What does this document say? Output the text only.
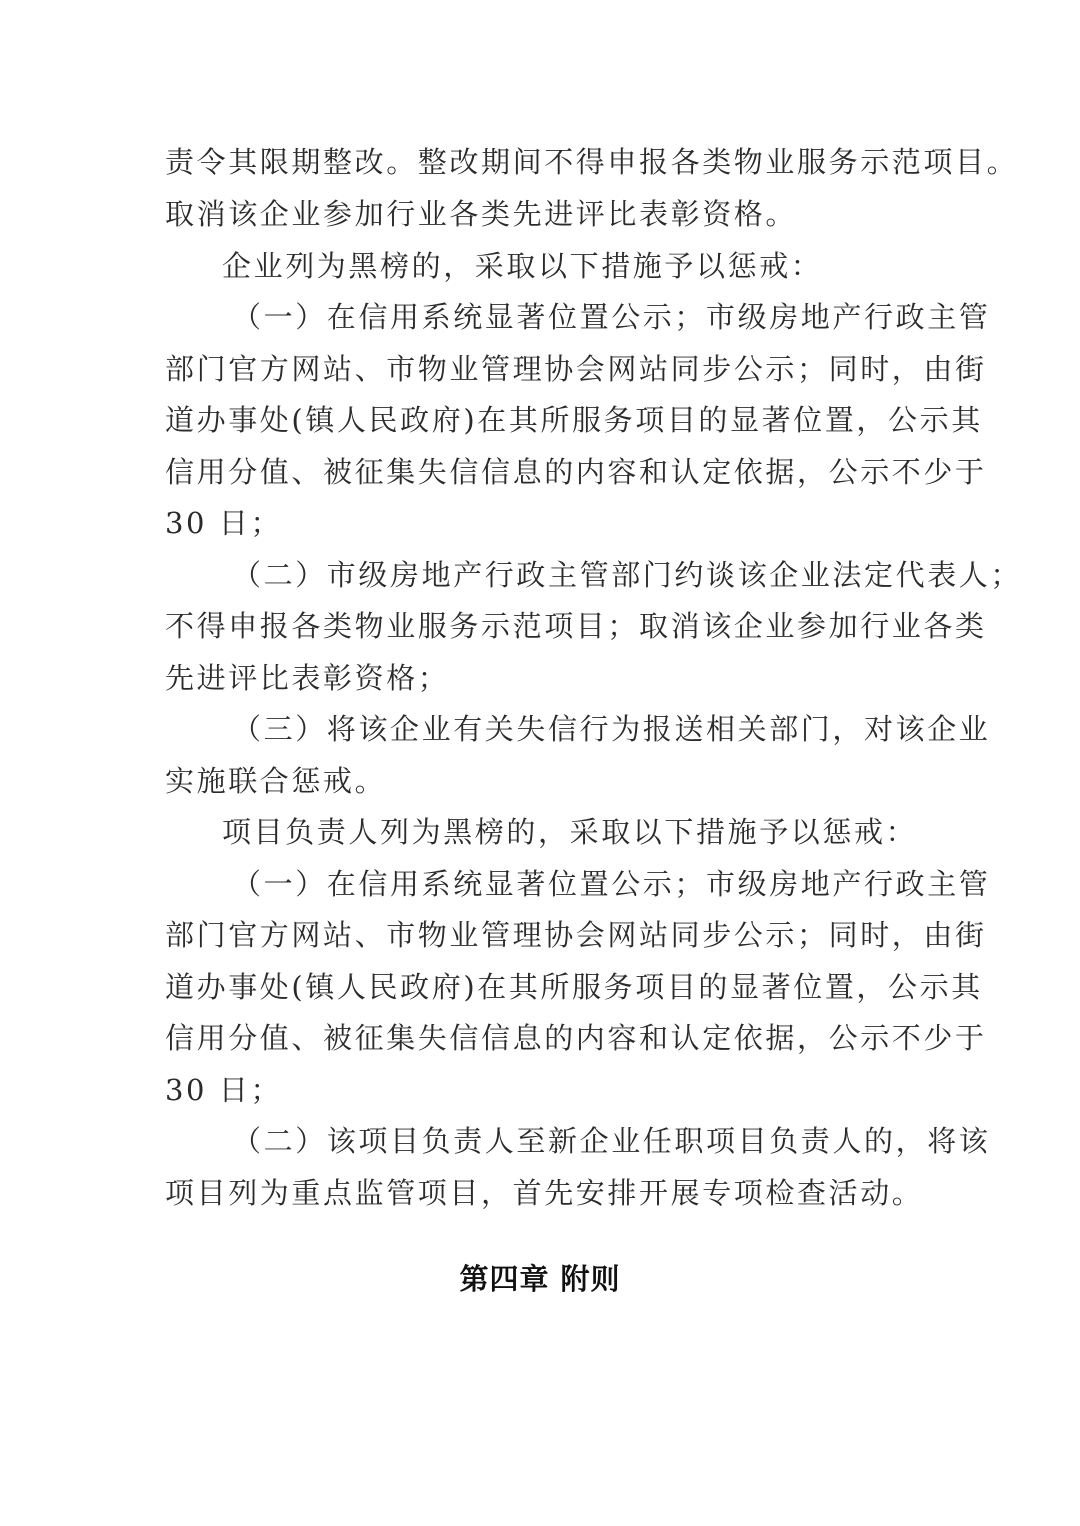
责令其限期整改。整改期间不得申报各类物业服务示范项目。
取消该企业参加行业各类先进评比表彰资格。
企业列为黑榜的，采取以下措施予以惩戒：
（一）在信用系统显著位置公示；市级房地产行政主管
部门官方网站、市物业管理协会网站同步公示；同时，由街
道办事处(镇人民政府)在其所服务项目的显著位置，公示其
信用分值、被征集失信信息的内容和认定依据，公示不少于
30 日；
（二）市级房地产行政主管部门约谈该企业法定代表人；
不得申报各类物业服务示范项目；取消该企业参加行业各类
先进评比表彰资格；
（三）将该企业有关失信行为报送相关部门，对该企业
实施联合惩戒。
项目负责人列为黑榜的，采取以下措施予以惩戒：
（一）在信用系统显著位置公示；市级房地产行政主管
部门官方网站、市物业管理协会网站同步公示；同时，由街
道办事处(镇人民政府)在其所服务项目的显著位置，公示其
信用分值、被征集失信信息的内容和认定依据，公示不少于
30 日；
（二）该项目负责人至新企业任职项目负责人的，将该
项目列为重点监管项目，首先安排开展专项检查活动。
第四章 附则
